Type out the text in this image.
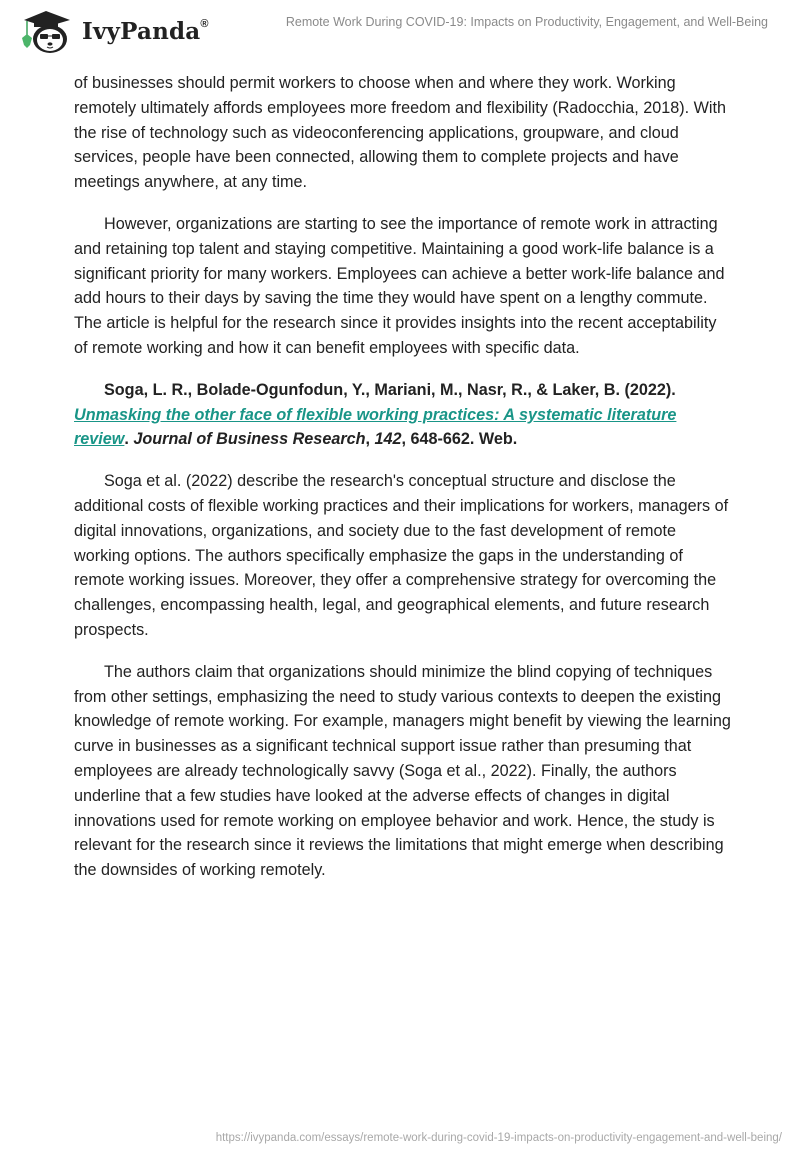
IvyPanda®	Remote Work During COVID-19: Impacts on Productivity, Engagement, and Well-Being

of businesses should permit workers to choose when and where they work. Working remotely ultimately affords employees more freedom and flexibility (Radocchia, 2018). With the rise of technology such as videoconferencing applications, groupware, and cloud services, people have been connected, allowing them to complete projects and have meetings anywhere, at any time.

However, organizations are starting to see the importance of remote work in attracting and retaining top talent and staying competitive. Maintaining a good work-life balance is a significant priority for many workers. Employees can achieve a better work-life balance and add hours to their days by saving the time they would have spent on a lengthy commute. The article is helpful for the research since it provides insights into the recent acceptability of remote working and how it can benefit employees with specific data.

Soga, L. R., Bolade-Ogunfodun, Y., Mariani, M., Nasr, R., & Laker, B. (2022). Unmasking the other face of flexible working practices: A systematic literature review. Journal of Business Research, 142, 648-662. Web.

Soga et al. (2022) describe the research's conceptual structure and disclose the additional costs of flexible working practices and their implications for workers, managers of digital innovations, organizations, and society due to the fast development of remote working options. The authors specifically emphasize the gaps in the understanding of remote working issues. Moreover, they offer a comprehensive strategy for overcoming the challenges, encompassing health, legal, and geographical elements, and future research prospects.

The authors claim that organizations should minimize the blind copying of techniques from other settings, emphasizing the need to study various contexts to deepen the existing knowledge of remote working. For example, managers might benefit by viewing the learning curve in businesses as a significant technical support issue rather than presuming that employees are already technologically savvy (Soga et al., 2022). Finally, the authors underline that a few studies have looked at the adverse effects of changes in digital innovations used for remote working on employee behavior and work. Hence, the study is relevant for the research since it reviews the limitations that might emerge when describing the downsides of working remotely.

https://ivypanda.com/essays/remote-work-during-covid-19-impacts-on-productivity-engagement-and-well-being/
